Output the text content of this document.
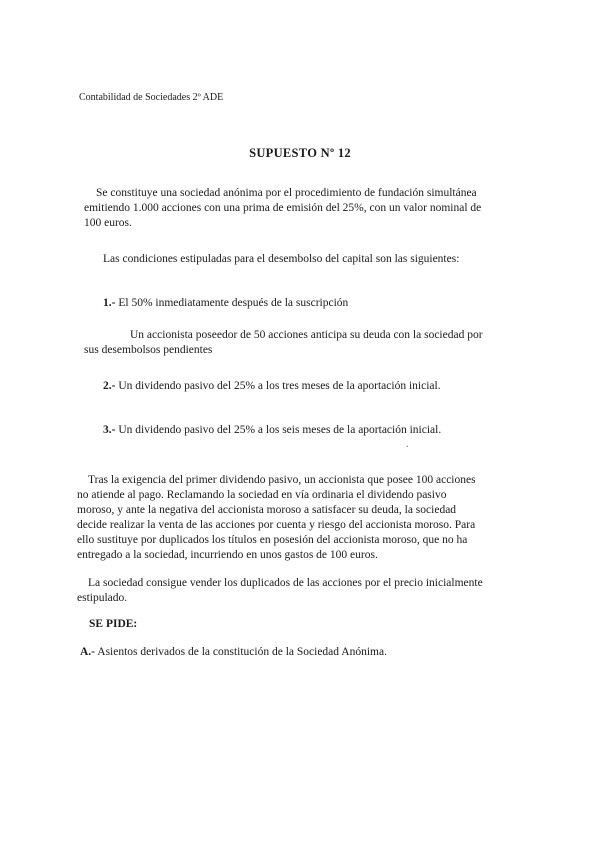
Contabilidad de Sociedades 2º ADE
SUPUESTO Nº 12
Se constituye una sociedad anónima por el procedimiento de fundación simultánea
emitiendo 1.000 acciones con una prima de emisión del 25%, con un valor nominal de
100 euros.
Las condiciones estipuladas para el desembolso del capital son las siguientes:
1.- El 50% inmediatamente después de la suscripción
Un accionista poseedor de 50 acciones anticipa su deuda con la sociedad por
sus desembolsos pendientes
2.- Un dividendo pasivo del 25% a los tres meses de la aportación inicial.
3.- Un dividendo pasivo del 25% a los seis meses de la aportación inicial.
.
Tras la exigencia del primer dividendo pasivo, un accionista que posee 100 acciones
no atiende al pago. Reclamando la sociedad en vía ordinaria el dividendo pasivo
moroso, y ante la negativa del accionista moroso a satisfacer su deuda, la sociedad
decide realizar la venta de las acciones por cuenta y riesgo del accionista moroso. Para
ello sustituye por duplicados los títulos en posesión del accionista moroso, que no ha
entregado a la sociedad, incurriendo en unos gastos de 100 euros.
La sociedad consigue vender los duplicados de las acciones por el precio inicialmente
estipulado.
SE PIDE:
A.- Asientos derivados de la constitución de la Sociedad Anónima.
